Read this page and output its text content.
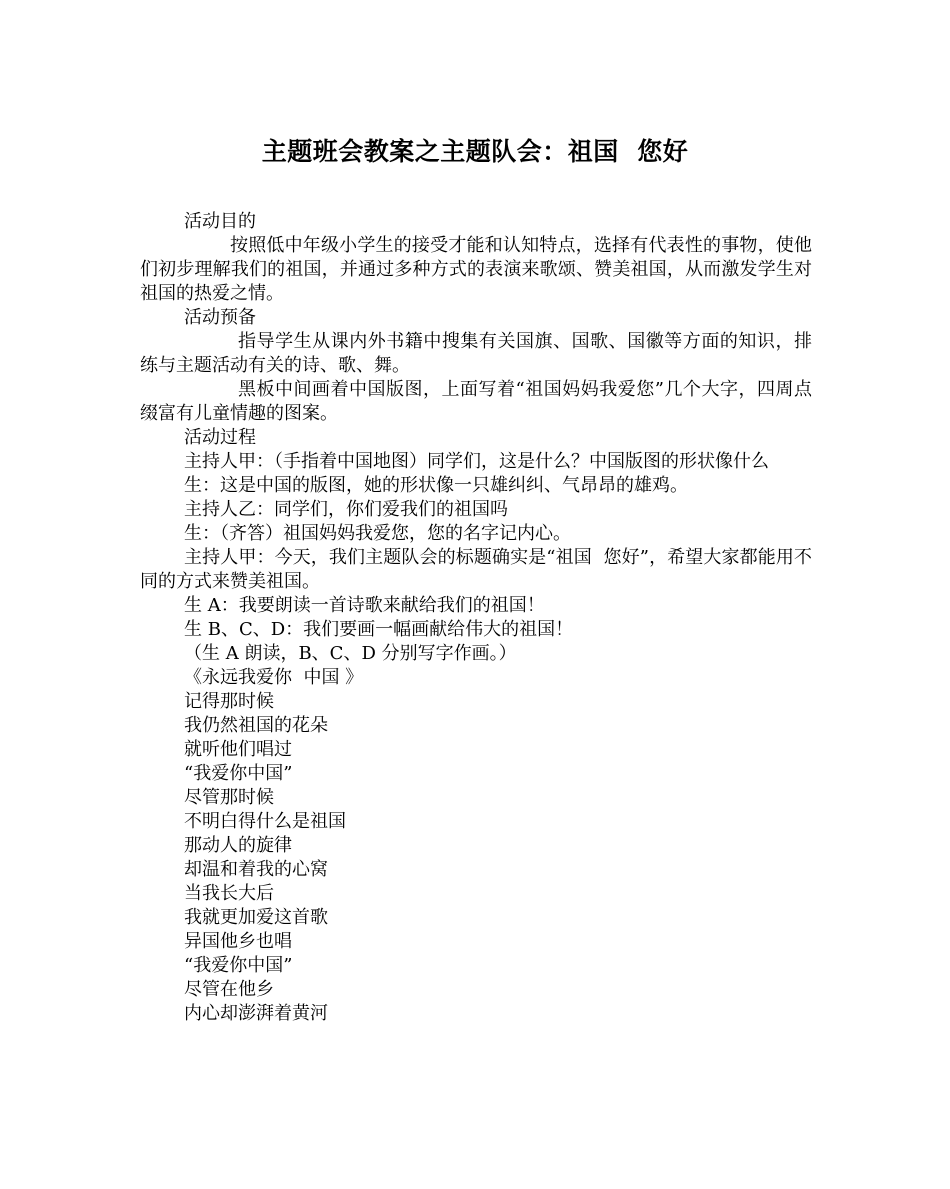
主题班会教案之主题队会：祖国  您好

活动目的

按照低中年级小学生的接受才能和认知特点，选择有代表性的事物，使他们初步理解我们的祖国，并通过多种方式的表演来歌颂、赞美祖国，从而激发学生对祖国的热爱之情。

活动预备

指导学生从课内外书籍中搜集有关国旗、国歌、国徽等方面的知识，排练与主题活动有关的诗、歌、舞。

黑板中间画着中国版图，上面写着“祖国妈妈我爱您”几个大字，四周点缀富有儿童情趣的图案。

活动过程

主持人甲：（手指着中国地图）同学们，这是什么？中国版图的形状像什么

生：这是中国的版图，她的形状像一只雄纠纠、气昂昂的雄鸡。

主持人乙：同学们，你们爱我们的祖国吗

生：（齐答）祖国妈妈我爱您，您的名字记内心。

主持人甲：今天，我们主题队会的标题确实是“祖国  您好”，希望大家都能用不同的方式来赞美祖国。

生 A：我要朗读一首诗歌来献给我们的祖国！

生 B、C、D：我们要画一幅画献给伟大的祖国！

（生 A 朗读，B、C、D 分别写字作画。）

《永远我爱你  中国 》

记得那时候

我仍然祖国的花朵

就听他们唱过

“我爱你中国”

尽管那时候

不明白得什么是祖国

那动人的旋律

却温和着我的心窝

当我长大后

我就更加爱这首歌

异国他乡也唱

“我爱你中国”

尽管在他乡

内心却澎湃着黄河
